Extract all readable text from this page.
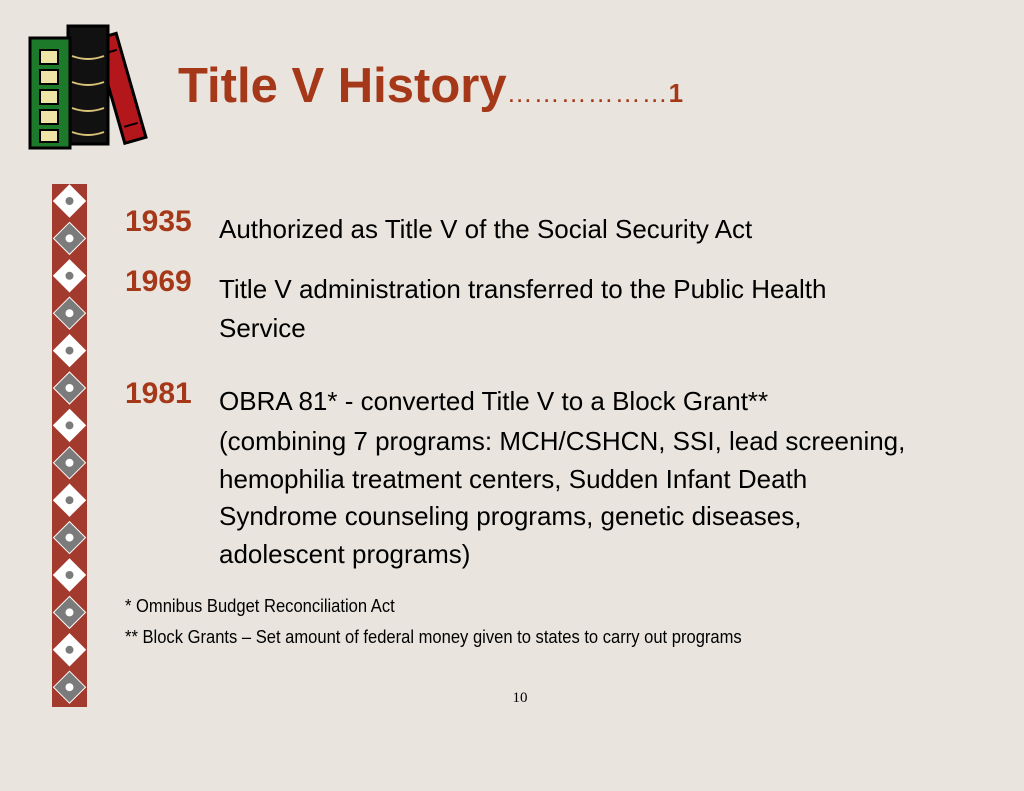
Title V History………………1
1935 Authorized as Title V of the Social Security Act
1969 Title V administration transferred to the Public Health Service
1981 OBRA 81* - converted Title V to a Block Grant**
(combining 7 programs: MCH/CSHCN, SSI, lead screening, hemophilia treatment centers, Sudden Infant Death Syndrome counseling programs, genetic diseases, adolescent programs)
* Omnibus Budget Reconciliation Act
** Block Grants – Set amount of federal money given to states to carry out programs
10
